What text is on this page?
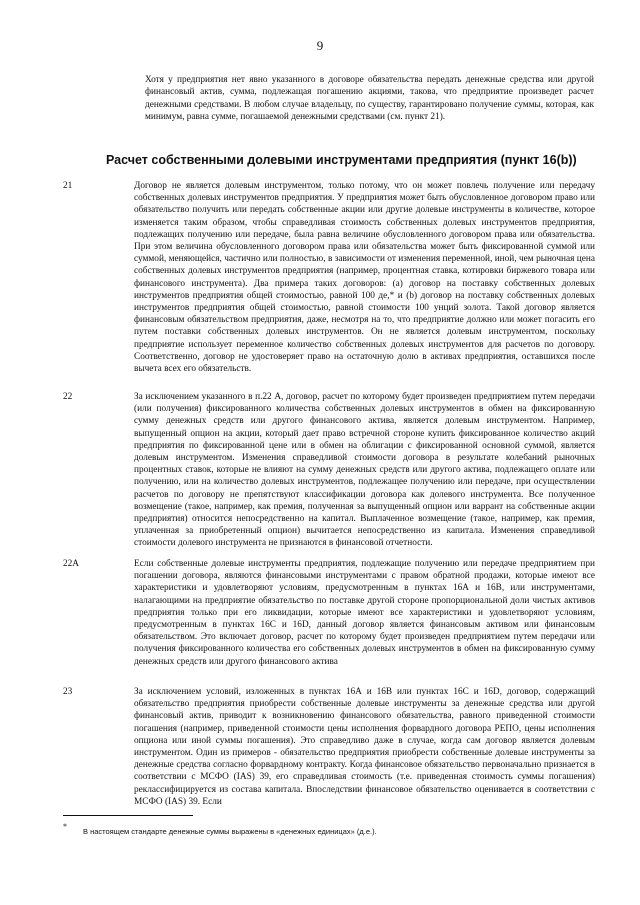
9
Хотя у предприятия нет явно указанного в договоре обязательства передать денежные средства или другой финансовый актив, сумма, подлежащая погашению акциями, такова, что предприятие произведет расчет денежными средствами. В любом случае владельцу, по существу, гарантировано получение суммы, которая, как минимум, равна сумме, погашаемой денежными средствами (см. пункт 21).
Расчет собственными долевыми инструментами предприятия (пункт 16(b))
21	Договор не является долевым инструментом, только потому, что он может повлечь получение или передачу собственных долевых инструментов предприятия. У предприятия может быть обусловленное договором право или обязательство получить или передать собственные акции или другие долевые инструменты в количестве, которое изменяется таким образом, чтобы справедливая стоимость собственных долевых инструментов предприятия, подлежащих получению или передаче, была равна величине обусловленного договором права или обязательства. При этом величина обусловленного договором права или обязательства может быть фиксированной суммой или суммой, меняющейся, частично или полностью, в зависимости от изменения переменной, иной, чем рыночная цена собственных долевых инструментов предприятия (например, процентная ставка, котировки биржевого товара или финансового инструмента). Два примера таких договоров: (a) договор на поставку собственных долевых инструментов предприятия общей стоимостью, равной 100 де,* и (b) договор на поставку собственных долевых инструментов предприятия общей стоимостью, равной стоимости 100 унций золота. Такой договор является финансовым обязательством предприятия, даже, несмотря на то, что предприятие должно или может погасить его путем поставки собственных долевых инструментов. Он не является долевым инструментом, поскольку предприятие использует переменное количество собственных долевых инструментов для расчетов по договору. Соответственно, договор не удостоверяет право на остаточную долю в активах предприятия, оставшихся после вычета всех его обязательств.
22	За исключением указанного в п.22 А, договор, расчет по которому будет произведен предприятием путем передачи (или получения) фиксированного количества собственных долевых инструментов в обмен на фиксированную сумму денежных средств или другого финансового актива, является долевым инструментом. Например, выпущенный опцион на акции, который дает право встречной стороне купить фиксированное количество акций предприятия по фиксированной цене или в обмен на облигации с фиксированной основной суммой, является долевым инструментом. Изменения справедливой стоимости договора в результате колебаний рыночных процентных ставок, которые не влияют на сумму денежных средств или другого актива, подлежащего оплате или получению, или на количество долевых инструментов, подлежащее получению или передаче, при осуществлении расчетов по договору не препятствуют классификации договора как долевого инструмента. Все полученное возмещение (такое, например, как премия, полученная за выпущенный опцион или варрант на собственные акции предприятия) относится непосредственно на капитал. Выплаченное возмещение (такое, например, как премия, уплаченная за приобретенный опцион) вычитается непосредственно из капитала. Изменения справедливой стоимости долевого инструмента не признаются в финансовой отчетности.
22A	Если собственные долевые инструменты предприятия, подлежащие получению или передаче предприятием при погашении договора, являются финансовыми инструментами с правом обратной продажи, которые имеют все характеристики и удовлетворяют условиям, предусмотренным в пунктах 16А и 16В, или инструментами, налагающими на предприятие обязательство по поставке другой стороне пропорциональной доли чистых активов предприятия только при его ликвидации, которые имеют все характеристики и удовлетворяют условиям, предусмотренным в пунктах 16С и 16D, данный договор является финансовым активом или финансовым обязательством. Это включает договор, расчет по которому будет произведен предприятием путем передачи или получения фиксированного количества его собственных долевых инструментов в обмен на фиксированную сумму денежных средств или другого финансового актива
23	За исключением условий, изложенных в пунктах 16А и 16В или пунктах 16С и 16D, договор, содержащий обязательство предприятия приобрести собственные долевые инструменты за денежные средства или другой финансовый актив, приводит к возникновению финансового обязательства, равного приведенной стоимости погашения (например, приведенной стоимости цены исполнения форвардного договора РЕПО, цены исполнения опциона или иной суммы погашения). Это справедливо даже в случае, когда сам договор является долевым инструментом. Один из примеров - обязательство предприятия приобрести собственные долевые инструменты за денежные средства согласно форвардному контракту. Когда финансовое обязательство первоначально признается в соответствии с МСФО (IAS) 39, его справедливая стоимость (т.е. приведенная стоимость суммы погашения) реклассифицируется из состава капитала. Впоследствии финансовое обязательство оценивается в соответствии с МСФО (IAS) 39. Если
*
В настоящем стандарте денежные суммы выражены в «денежных единицах» (д.е.).
